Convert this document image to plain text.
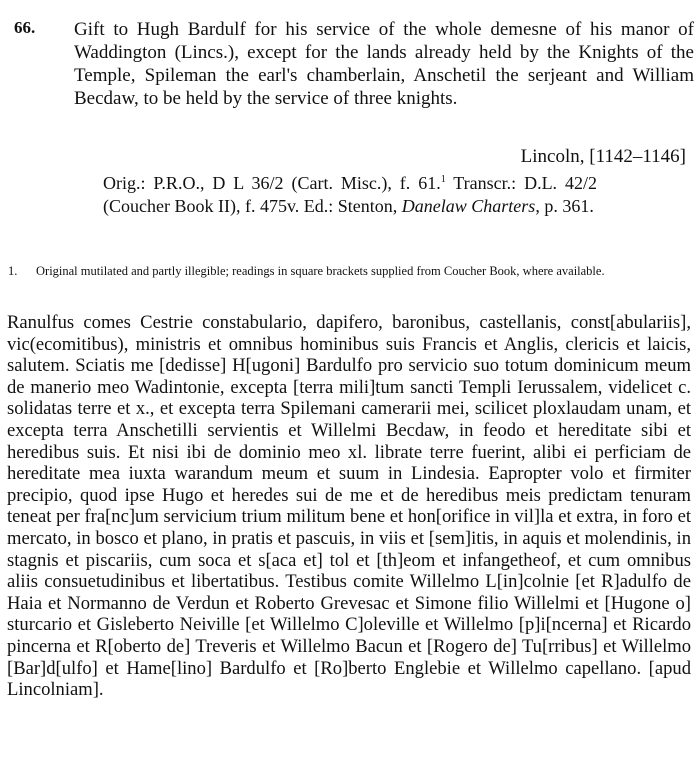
66. Gift to Hugh Bardulf for his service of the whole demesne of his manor of Waddington (Lincs.), except for the lands already held by the Knights of the Temple, Spileman the earl's chamberlain, Anschetil the serjeant and William Becdaw, to be held by the service of three knights.
Lincoln, [1142–1146]
Orig.: P.R.O., D L 36/2 (Cart. Misc.), f. 61.$^1$ Transcr.: D.L. 42/2 (Coucher Book II), f. 475v. Ed.: Stenton, Danelaw Charters, p. 361.
1. Original mutilated and partly illegible; readings in square brackets supplied from Coucher Book, where available.
Ranulfus comes Cestrie constabulario, dapifero, baronibus, castellanis, const[abulariis], vic(ecomitibus), ministris et omnibus hominibus suis Francis et Anglis, clericis et laicis, salutem. Sciatis me [dedisse] H[ugoni] Bardulfo pro servicio suo totum dominicum meum de manerio meo Wadintonie, excepta [terra mili]tum sancti Templi Ierussalem, videlicet c. solidatas terre et x., et excepta terra Spilemani camerarii mei, scilicet ploxlaudam unam, et excepta terra Anschetilli servientis et Willelmi Becdaw, in feodo et hereditate sibi et heredibus suis. Et nisi ibi de dominio meo xl. librate terre fuerint, alibi ei perficiam de hereditate mea iuxta warandum meum et suum in Lindesia. Eapropter volo et firmiter precipio, quod ipse Hugo et heredes sui de me et de heredibus meis predictam tenuram teneat per fra[nc]um servicium trium militum bene et hon[orifice in vil]la et extra, in foro et mercato, in bosco et plano, in pratis et pascuis, in viis et [sem]itis, in aquis et molendinis, in stagnis et piscariis, cum soca et s[aca et] tol et [th]eom et infangetheof, et cum omnibus aliis consuetudinibus et libertatibus. Testibus comite Willelmo L[in]colnie [et R]adulfo de Haia et Normanno de Verdun et Roberto Grevesac et Simone filio Willelmi et [Hugone o] sturcario et Gisleberto Neiville [et Willelmo C]oleville et Willelmo [p]i[ncerna] et Ricardo pincerna et R[oberto de] Treveris et Willelmo Bacun et [Rogero de] Tu[rribus] et Willelmo [Bar]d[ulfo] et Hame[lino] Bardulfo et [Ro]berto Englebie et Willelmo capellano. [apud Lincolniam].
